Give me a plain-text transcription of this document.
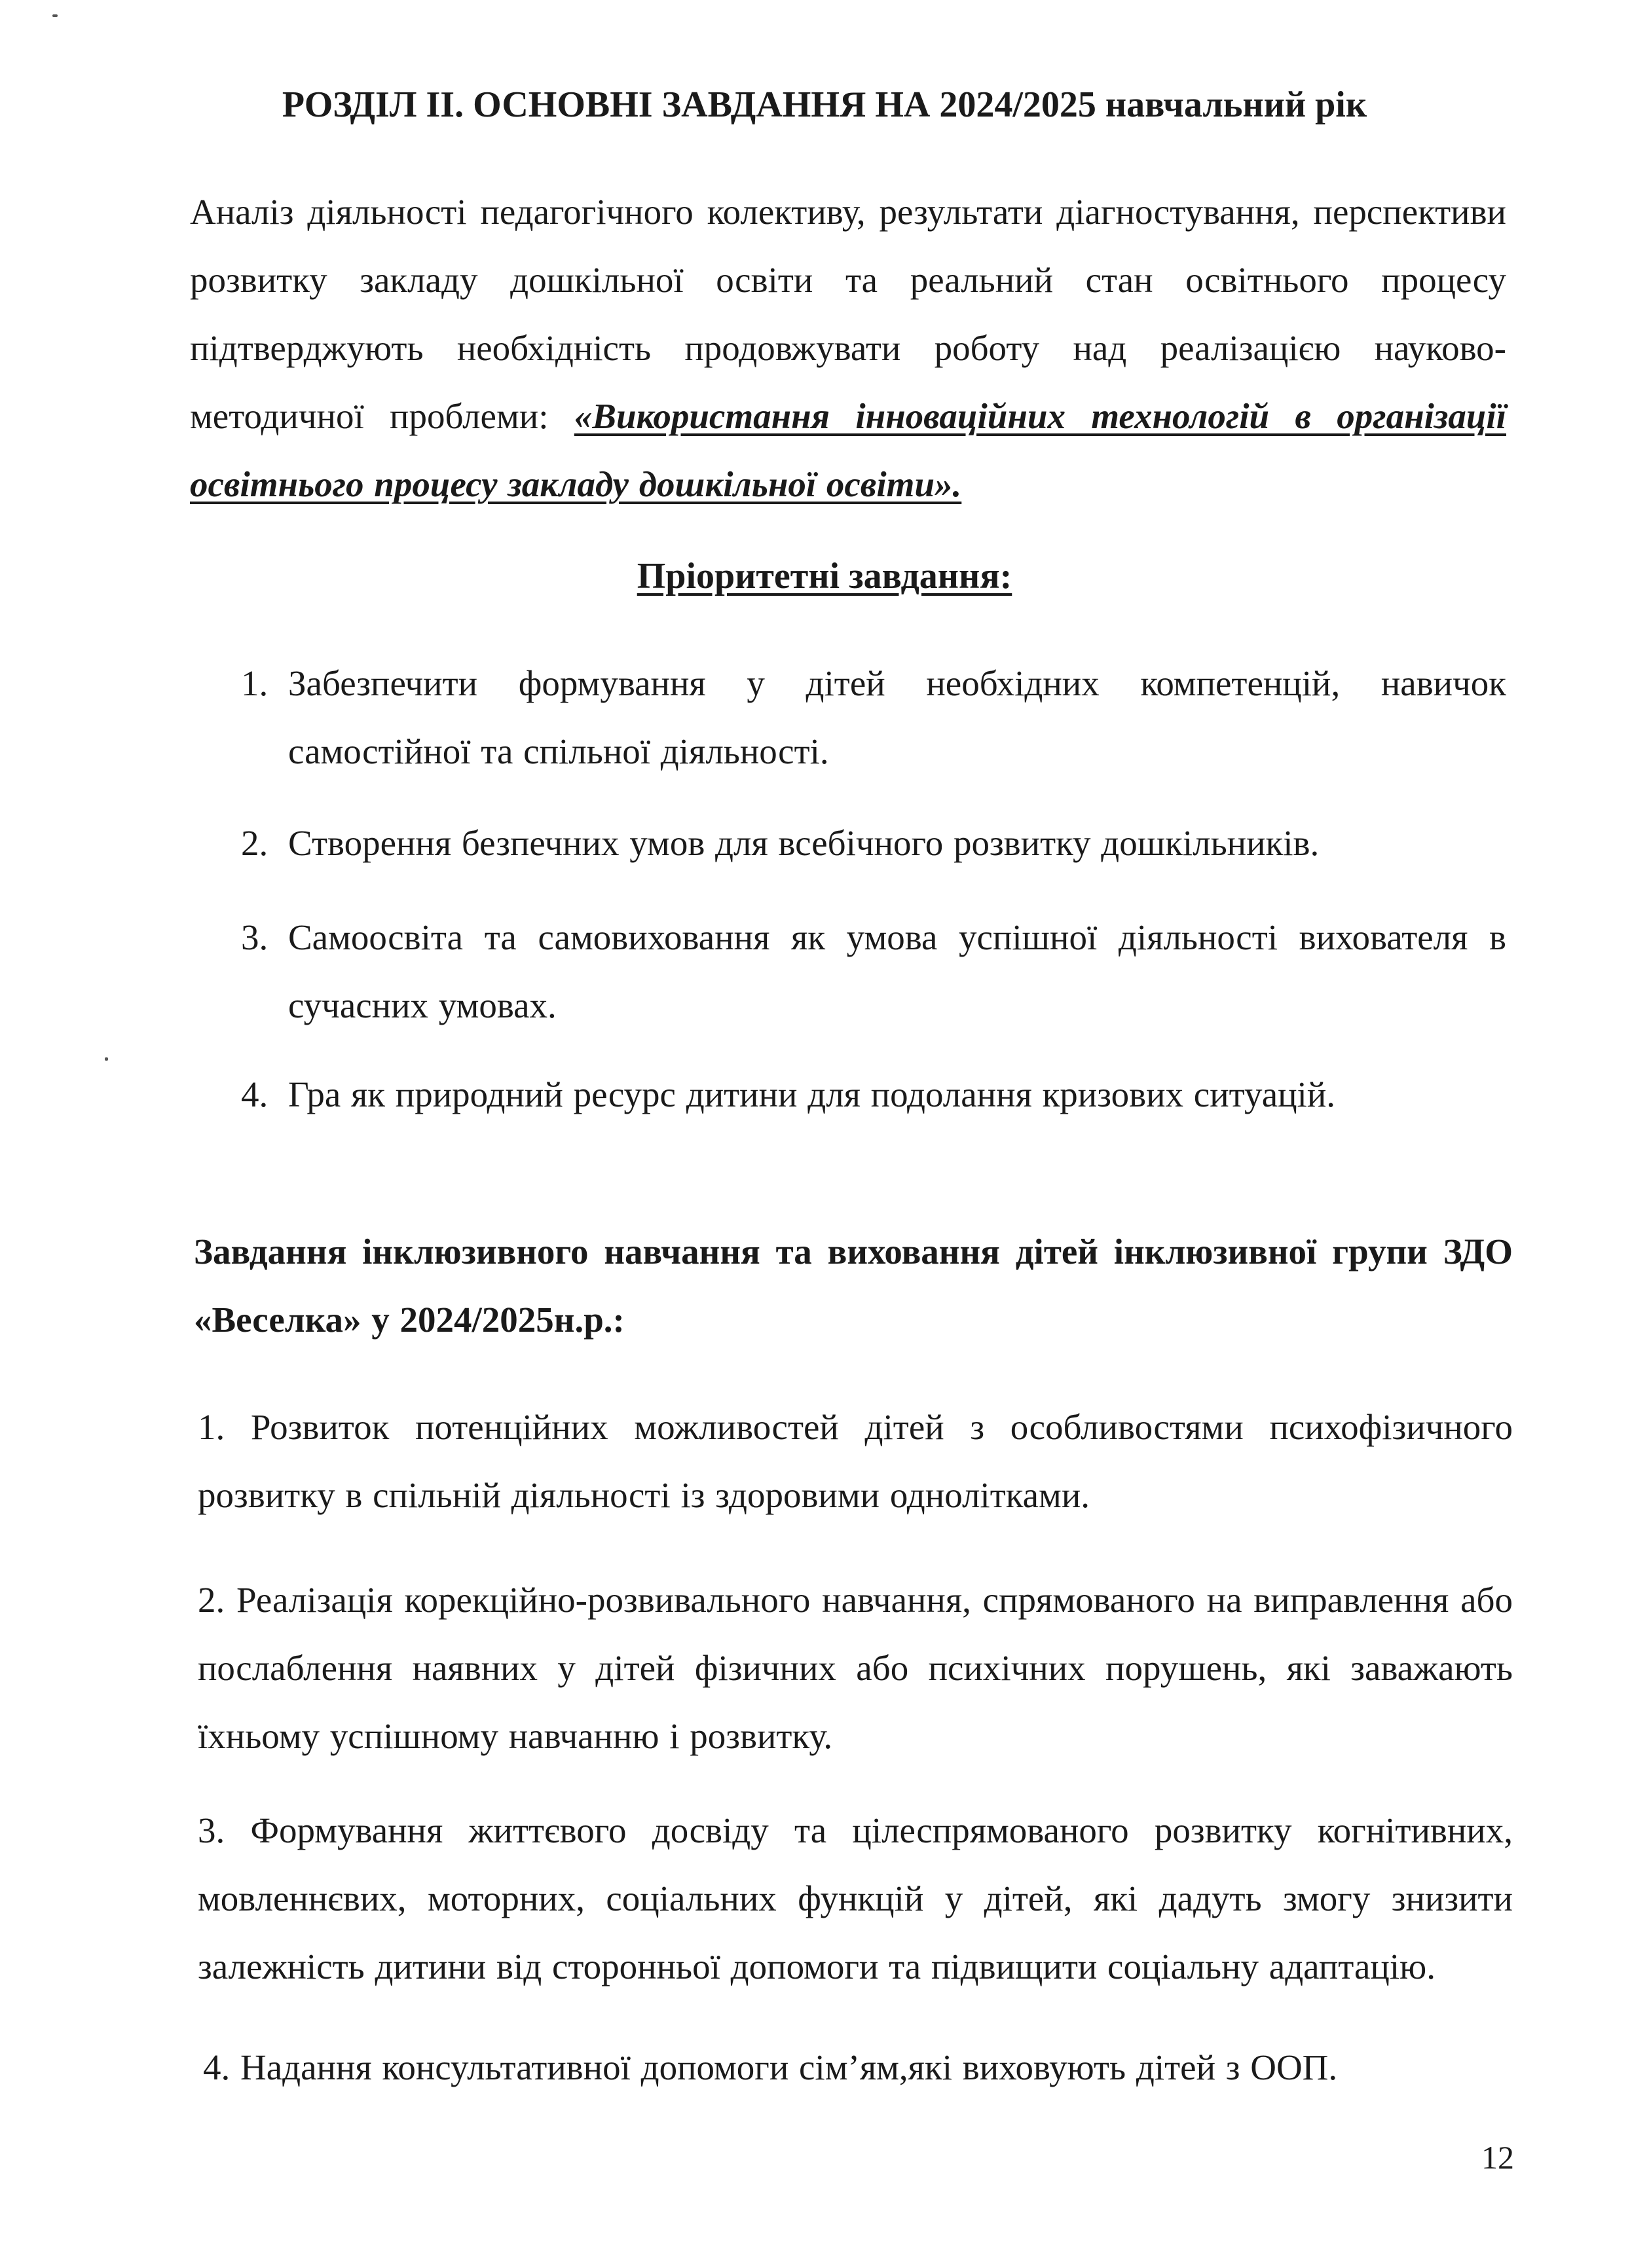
РОЗДІЛ ІІ. ОСНОВНІ ЗАВДАННЯ НА 2024/2025 навчальний рік
Аналіз діяльності педагогічного колективу, результати діагностування, перспективи розвитку закладу дошкільної освіти та реальний стан освітнього процесу підтверджують необхідність продовжувати роботу над реалізацією науково-методичної проблеми: «Використання інноваційних технологій в організації освітнього процесу закладу дошкільної освіти».
Пріоритетні завдання:
1. Забезпечити формування у дітей необхідних компетенцій, навичок самостійної та спільної діяльності.
2. Створення безпечних умов для всебічного розвитку дошкільників.
3. Самоосвіта та самовиховання як умова успішної діяльності вихователя в сучасних умовах.
4. Гра як природний ресурс дитини для подолання кризових ситуацій.
Завдання інклюзивного навчання та виховання дітей інклюзивної групи ЗДО «Веселка» у 2024/2025н.р.:
1. Розвиток потенційних можливостей дітей з особливостями психофізичного розвитку в спільній діяльності із здоровими однолітками.
2. Реалізація корекційно-розвивального навчання, спрямованого на виправлення або послаблення наявних у дітей фізичних або психічних порушень, які заважають їхньому успішному навчанню і розвитку.
3. Формування життєвого досвіду та цілеспрямованого розвитку когнітивних, мовленнєвих, моторних, соціальних функцій у дітей, які дадуть змогу знизити залежність дитини від сторонньої допомоги та підвищити соціальну адаптацію.
4. Надання консультативної допомоги сім’ям,які виховують дітей з ООП.
12
